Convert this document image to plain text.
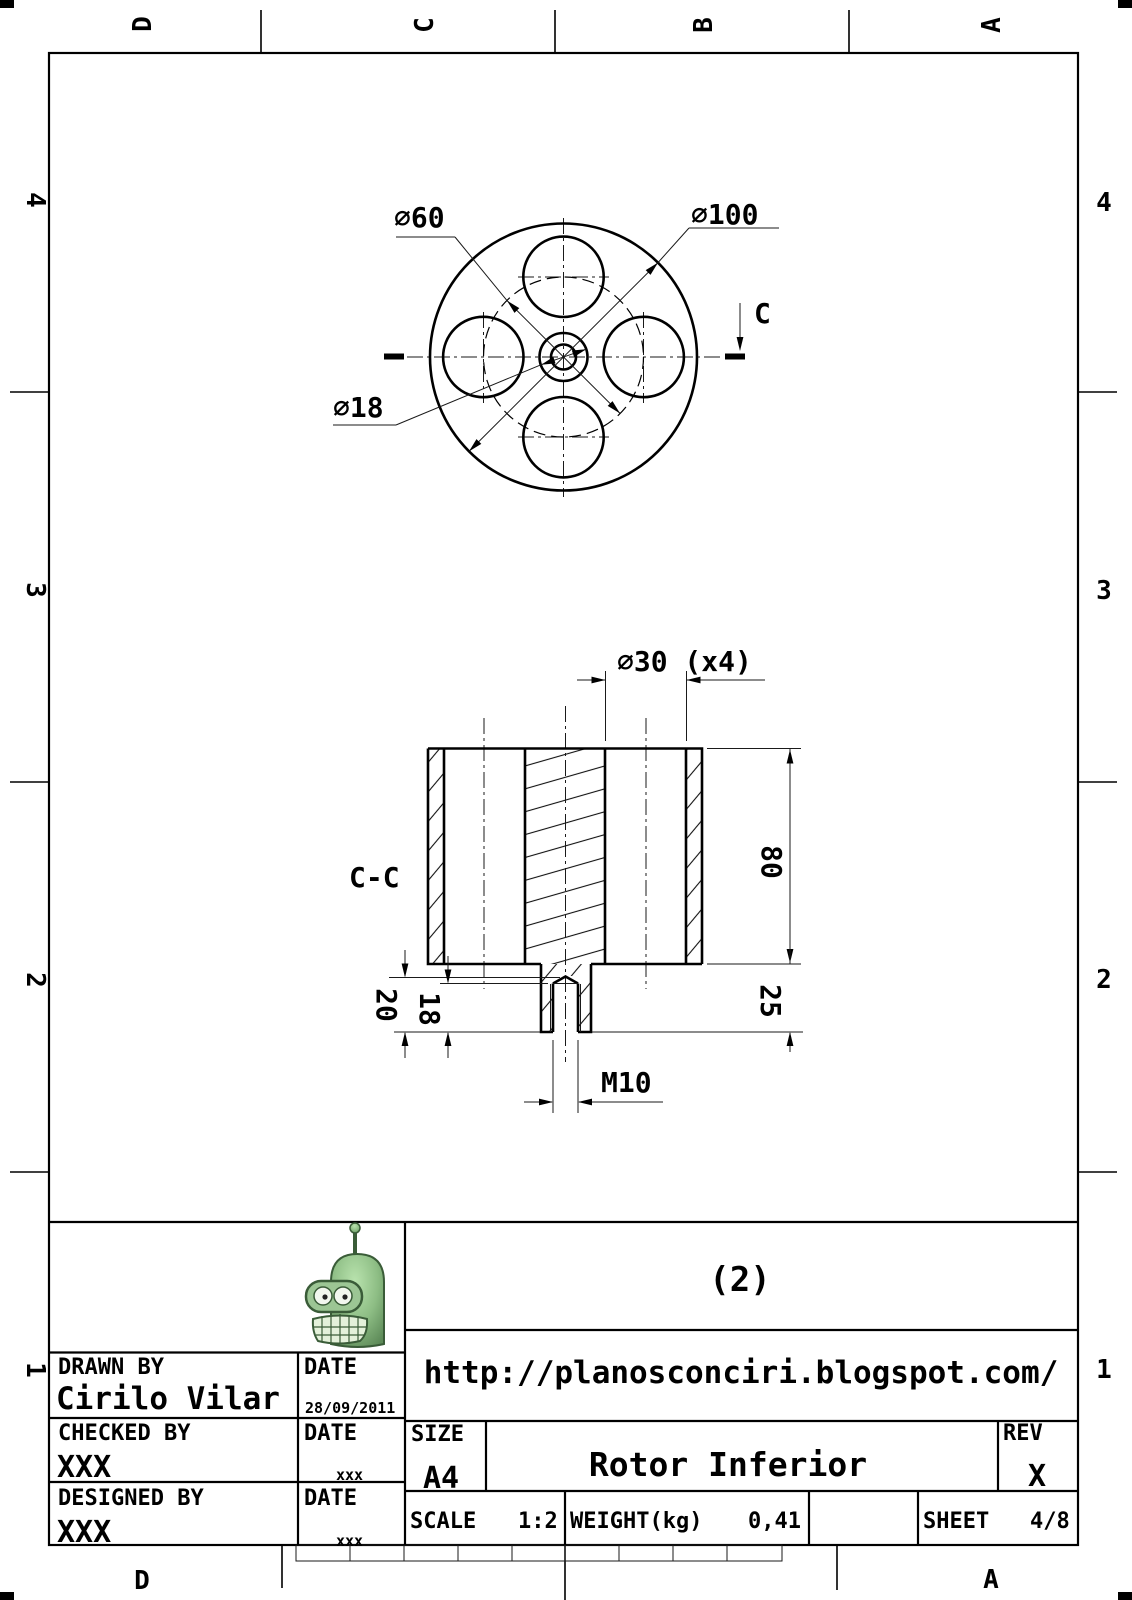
D	C	B	A
4
3
2
1
4
3
2
1
D	A
∅100
∅60
∅18
C
∅30 (x4)
80
25
20 18
M10
C-C
(2)
http://planosconciri.blogspot.com/
DRAWN BY
Cirilo Vilar
DATE
28/09/2011
CHECKED BY
XXX
DATE
xxx
DESIGNED BY
XXX
DATE
xxx
SIZE
A4	Rotor Inferior
REV
X
SCALE 1:2 WEIGHT(kg) 0,41	SHEET 4/8
